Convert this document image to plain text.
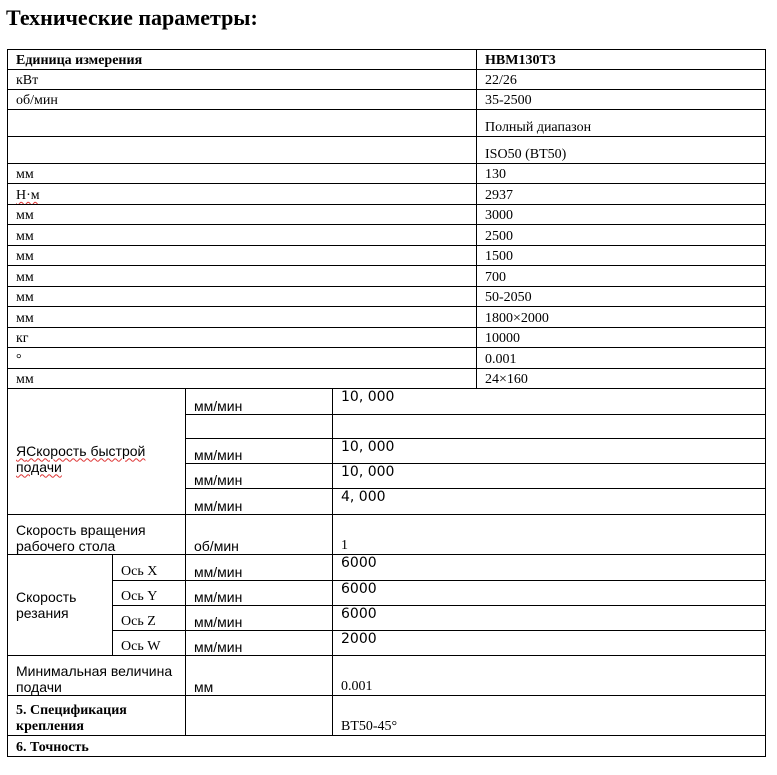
Технические параметры:
Единица измерения				HBM130T3
кВт				22/26
об/мин				35-2500
				Полный диапазон
				ISO50 (BT50)
мм				130
Н·м				2937
мм				3000
мм				2500
мм				1500
мм				700
мм				50-2050
мм				1800×2000
кг				10000
°				0.001
мм				24×160
ЯСкорость быстрой подачи		мм/мин	10, 000	

		мм/мин	10, 000	
		мм/мин	10, 000	
		мм/мин	4, 000	
Скорость вращения рабочего стола		об/мин	1	
Скорость резания	Ось X	мм/мин	6000	
	Ось Y	мм/мин	6000	
	Ось Z	мм/мин	6000	
	Ось W	мм/мин	2000	
Минимальная величина подачи		мм	0.001	
5. Спецификация крепления			BT50-45°	
6. Точность				
